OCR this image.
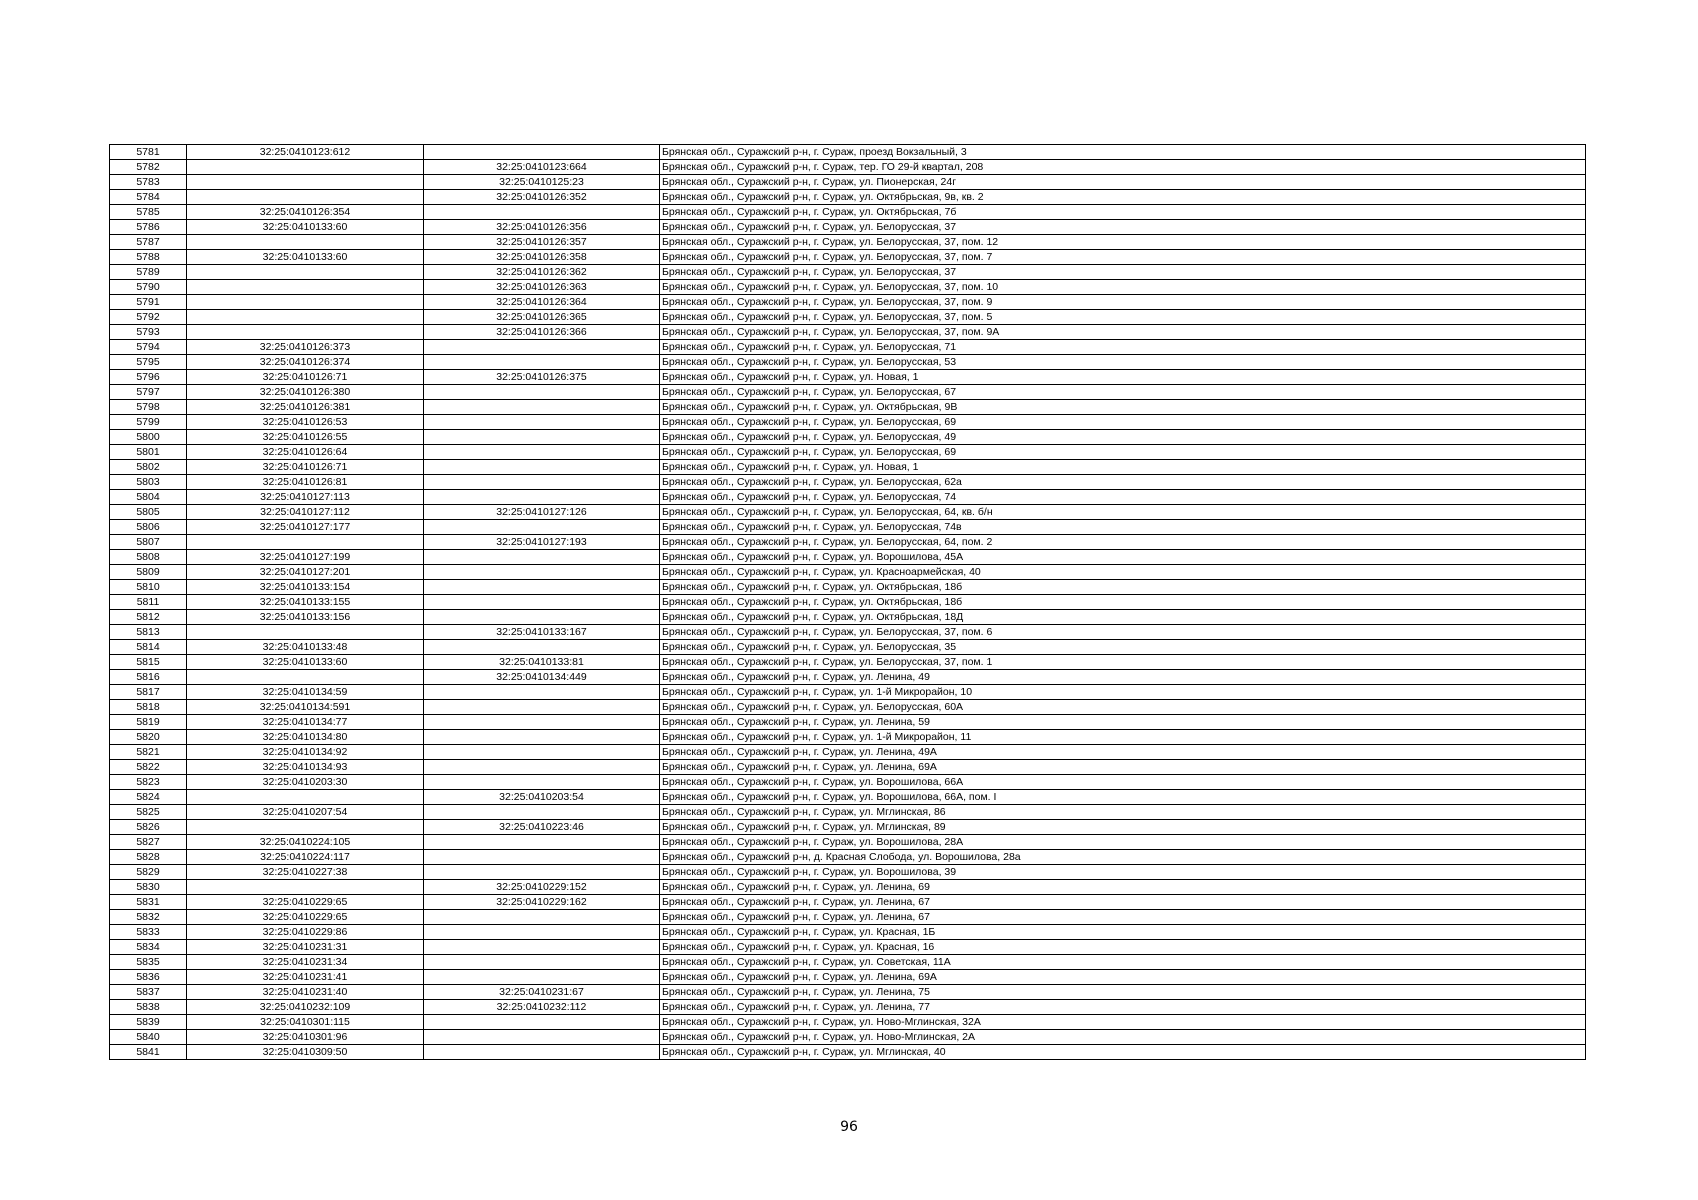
5781	32:25:0410123:612		Брянская обл., Суражский р-н, г. Сураж, проезд Вокзальный, 3
5782		32:25:0410123:664	Брянская обл., Суражский р-н, г. Сураж, тер. ГО 29-й квартал, 208
5783		32:25:0410125:23	Брянская обл., Суражский р-н, г. Сураж, ул. Пионерская, 24г
5784		32:25:0410126:352	Брянская обл., Суражский р-н, г. Сураж, ул. Октябрьская, 9в, кв. 2
5785	32:25:0410126:354		Брянская обл., Суражский р-н, г. Сураж, ул. Октябрьская, 7б
5786	32:25:0410133:60	32:25:0410126:356	Брянская обл., Суражский р-н, г. Сураж, ул. Белорусская, 37
5787		32:25:0410126:357	Брянская обл., Суражский р-н, г. Сураж, ул. Белорусская, 37, пом. 12
5788	32:25:0410133:60	32:25:0410126:358	Брянская обл., Суражский р-н, г. Сураж, ул. Белорусская, 37, пом. 7
5789		32:25:0410126:362	Брянская обл., Суражский р-н, г. Сураж, ул. Белорусская, 37
5790		32:25:0410126:363	Брянская обл., Суражский р-н, г. Сураж, ул. Белорусская, 37, пом. 10
5791		32:25:0410126:364	Брянская обл., Суражский р-н, г. Сураж, ул. Белорусская, 37, пом. 9
5792		32:25:0410126:365	Брянская обл., Суражский р-н, г. Сураж, ул. Белорусская, 37, пом. 5
5793		32:25:0410126:366	Брянская обл., Суражский р-н, г. Сураж, ул. Белорусская, 37, пом. 9А
5794	32:25:0410126:373		Брянская обл., Суражский р-н, г. Сураж, ул. Белорусская, 71
5795	32:25:0410126:374		Брянская обл., Суражский р-н, г. Сураж, ул. Белорусская, 53
5796	32:25:0410126:71	32:25:0410126:375	Брянская обл., Суражский р-н, г. Сураж, ул. Новая, 1
5797	32:25:0410126:380		Брянская обл., Суражский р-н, г. Сураж, ул. Белорусская, 67
5798	32:25:0410126:381		Брянская обл., Суражский р-н, г. Сураж, ул. Октябрьская, 9В
5799	32:25:0410126:53		Брянская обл., Суражский р-н, г. Сураж, ул. Белорусская, 69
5800	32:25:0410126:55		Брянская обл., Суражский р-н, г. Сураж, ул. Белорусская, 49
5801	32:25:0410126:64		Брянская обл., Суражский р-н, г. Сураж, ул. Белорусская, 69
5802	32:25:0410126:71		Брянская обл., Суражский р-н, г. Сураж, ул. Новая, 1
5803	32:25:0410126:81		Брянская обл., Суражский р-н, г. Сураж, ул. Белорусская, 62а
5804	32:25:0410127:113		Брянская обл., Суражский р-н, г. Сураж, ул. Белорусская, 74
5805	32:25:0410127:112	32:25:0410127:126	Брянская обл., Суражский р-н, г. Сураж, ул. Белорусская, 64, кв. б/н
5806	32:25:0410127:177		Брянская обл., Суражский р-н, г. Сураж, ул. Белорусская, 74в
5807		32:25:0410127:193	Брянская обл., Суражский р-н, г. Сураж, ул. Белорусская, 64, пом. 2
5808	32:25:0410127:199		Брянская обл., Суражский р-н, г. Сураж, ул. Ворошилова, 45А
5809	32:25:0410127:201		Брянская обл., Суражский р-н, г. Сураж, ул. Красноармейская, 40
5810	32:25:0410133:154		Брянская обл., Суражский р-н, г. Сураж, ул. Октябрьская, 18б
5811	32:25:0410133:155		Брянская обл., Суражский р-н, г. Сураж, ул. Октябрьская, 18б
5812	32:25:0410133:156		Брянская обл., Суражский р-н, г. Сураж, ул. Октябрьская, 18Д
5813		32:25:0410133:167	Брянская обл., Суражский р-н, г. Сураж, ул. Белорусская, 37, пом. 6
5814	32:25:0410133:48		Брянская обл., Суражский р-н, г. Сураж, ул. Белорусская, 35
5815	32:25:0410133:60	32:25:0410133:81	Брянская обл., Суражский р-н, г. Сураж, ул. Белорусская, 37, пом. 1
5816		32:25:0410134:449	Брянская обл., Суражский р-н, г. Сураж, ул. Ленина, 49
5817	32:25:0410134:59		Брянская обл., Суражский р-н, г. Сураж, ул. 1-й Микрорайон, 10
5818	32:25:0410134:591		Брянская обл., Суражский р-н, г. Сураж, ул. Белорусская, 60А
5819	32:25:0410134:77		Брянская обл., Суражский р-н, г. Сураж, ул. Ленина, 59
5820	32:25:0410134:80		Брянская обл., Суражский р-н, г. Сураж, ул. 1-й Микрорайон, 11
5821	32:25:0410134:92		Брянская обл., Суражский р-н, г. Сураж, ул. Ленина, 49А
5822	32:25:0410134:93		Брянская обл., Суражский р-н, г. Сураж, ул. Ленина, 69А
5823	32:25:0410203:30		Брянская обл., Суражский р-н, г. Сураж, ул. Ворошилова, 66А
5824		32:25:0410203:54	Брянская обл., Суражский р-н, г. Сураж, ул. Ворошилова, 66А, пом. I
5825	32:25:0410207:54		Брянская обл., Суражский р-н, г. Сураж, ул. Мглинская, 86
5826		32:25:0410223:46	Брянская обл., Суражский р-н, г. Сураж, ул. Мглинская, 89
5827	32:25:0410224:105		Брянская обл., Суражский р-н, г. Сураж, ул. Ворошилова, 28А
5828	32:25:0410224:117		Брянская обл., Суражский р-н, д. Красная Слобода, ул. Ворошилова, 28а
5829	32:25:0410227:38		Брянская обл., Суражский р-н, г. Сураж, ул. Ворошилова, 39
5830		32:25:0410229:152	Брянская обл., Суражский р-н, г. Сураж, ул. Ленина, 69
5831	32:25:0410229:65	32:25:0410229:162	Брянская обл., Суражский р-н, г. Сураж, ул. Ленина, 67
5832	32:25:0410229:65		Брянская обл., Суражский р-н, г. Сураж, ул. Ленина, 67
5833	32:25:0410229:86		Брянская обл., Суражский р-н, г. Сураж, ул. Красная, 1Б
5834	32:25:0410231:31		Брянская обл., Суражский р-н, г. Сураж, ул. Красная, 16
5835	32:25:0410231:34		Брянская обл., Суражский р-н, г. Сураж, ул. Советская, 11А
5836	32:25:0410231:41		Брянская обл., Суражский р-н, г. Сураж, ул. Ленина, 69А
5837	32:25:0410231:40	32:25:0410231:67	Брянская обл., Суражский р-н, г. Сураж, ул. Ленина, 75
5838	32:25:0410232:109	32:25:0410232:112	Брянская обл., Суражский р-н, г. Сураж, ул. Ленина, 77
5839	32:25:0410301:115		Брянская обл., Суражский р-н, г. Сураж, ул. Ново-Мглинская, 32А
5840	32:25:0410301:96		Брянская обл., Суражский р-н, г. Сураж, ул. Ново-Мглинская, 2А
5841	32:25:0410309:50		Брянская обл., Суражский р-н, г. Сураж, ул. Мглинская, 40
96
